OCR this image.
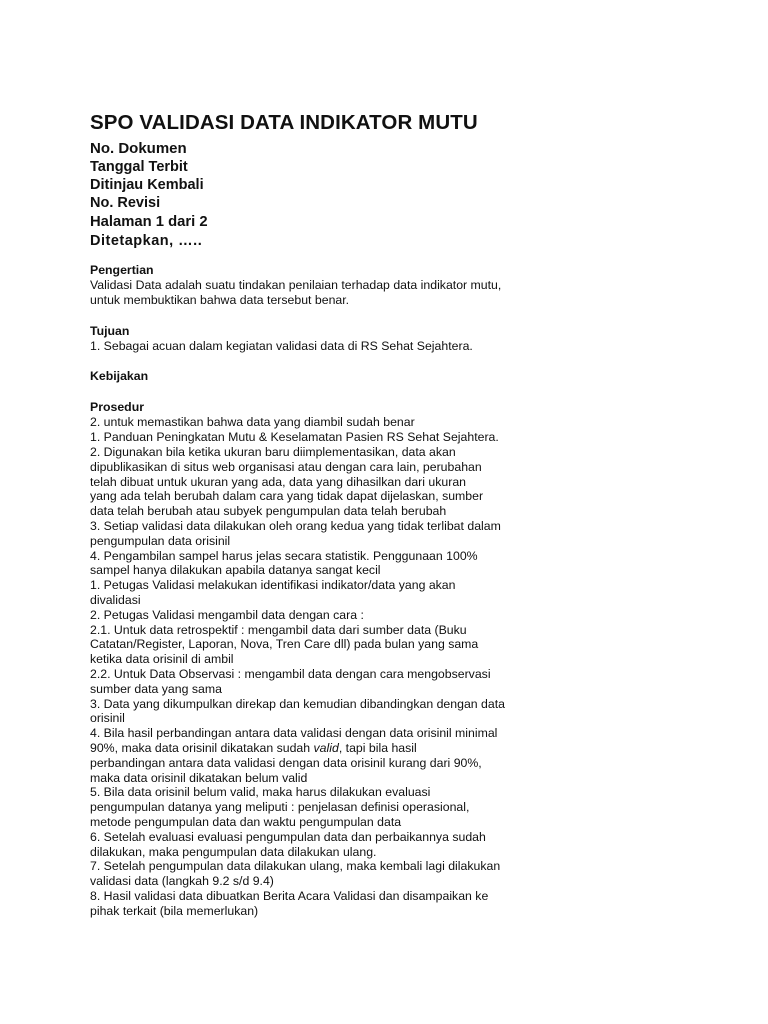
SPO VALIDASI DATA INDIKATOR MUTU
No. Dokumen
Tanggal Terbit
Ditinjau Kembali
No. Revisi
Halaman 1 dari 2
Ditetapkan, …..
Pengertian
Validasi Data adalah suatu tindakan penilaian terhadap data indikator mutu,
untuk membuktikan bahwa data tersebut benar.
Tujuan
1. Sebagai acuan dalam kegiatan validasi data di RS Sehat Sejahtera.
Kebijakan
Prosedur
2. untuk memastikan bahwa data yang diambil sudah benar
1. Panduan Peningkatan Mutu & Keselamatan Pasien RS Sehat Sejahtera.
2. Digunakan bila ketika ukuran baru diimplementasikan, data akan
dipublikasikan di situs web organisasi atau dengan cara lain, perubahan
telah dibuat untuk ukuran yang ada, data yang dihasilkan dari ukuran
yang ada telah berubah dalam cara yang tidak dapat dijelaskan, sumber
data telah berubah atau subyek pengumpulan data telah berubah
3. Setiap validasi data dilakukan oleh orang kedua yang tidak terlibat dalam
pengumpulan data orisinil
4. Pengambilan sampel harus jelas secara statistik. Penggunaan 100%
sampel hanya dilakukan apabila datanya sangat kecil
1. Petugas Validasi melakukan identifikasi indikator/data yang akan
divalidasi
2. Petugas Validasi mengambil data dengan cara :
2.1. Untuk data retrospektif : mengambil data dari sumber data (Buku
Catatan/Register, Laporan, Nova, Tren Care dll) pada bulan yang sama
ketika data orisinil di ambil
2.2. Untuk Data Observasi : mengambil data dengan cara mengobservasi
sumber data yang sama
3. Data yang dikumpulkan direkap dan kemudian dibandingkan dengan data
orisinil
4. Bila hasil perbandingan antara data validasi dengan data orisinil minimal
90%, maka data orisinil dikatakan sudah valid, tapi bila hasil
perbandingan antara data validasi dengan data orisinil kurang dari 90%,
maka data orisinil dikatakan belum valid
5. Bila data orisinil belum valid, maka harus dilakukan evaluasi
pengumpulan datanya yang meliputi : penjelasan definisi operasional,
metode pengumpulan data dan waktu pengumpulan data
6. Setelah evaluasi evaluasi pengumpulan data dan perbaikannya sudah
dilakukan, maka pengumpulan data dilakukan ulang.
7. Setelah pengumpulan data dilakukan ulang, maka kembali lagi dilakukan
validasi data (langkah 9.2 s/d 9.4)
8. Hasil validasi data dibuatkan Berita Acara Validasi dan disampaikan ke
pihak terkait (bila memerlukan)
